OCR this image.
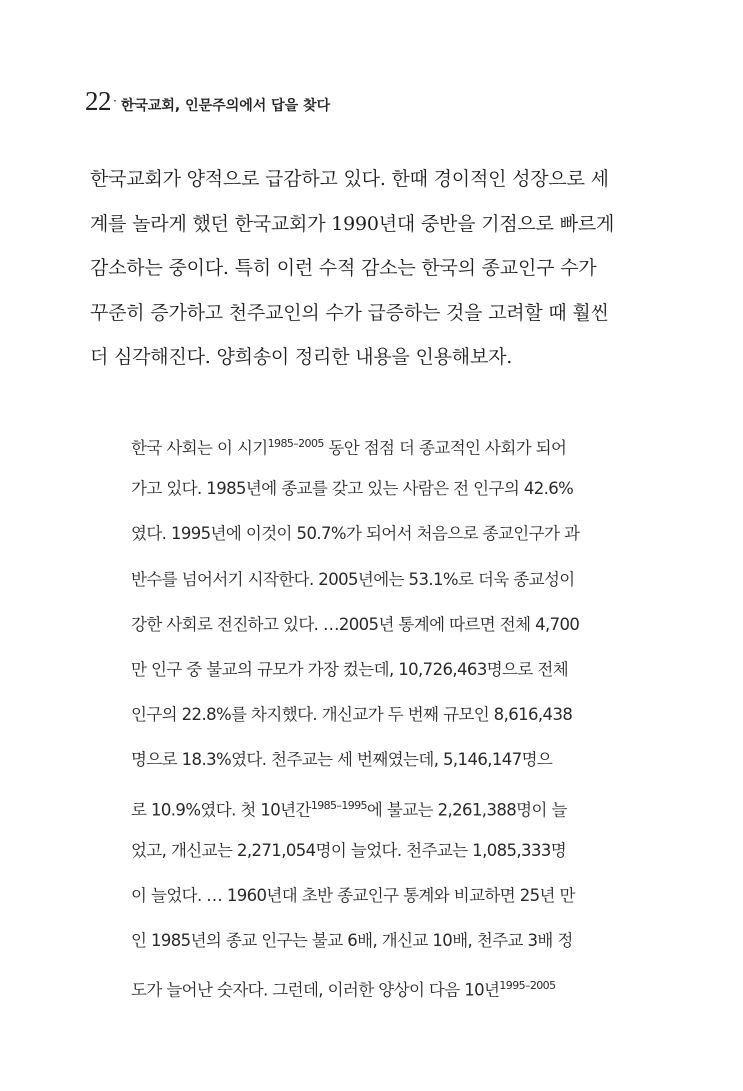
22 · 한국교회, 인문주의에서 답을 찾다
한국교회가 양적으로 급감하고 있다. 한때 경이적인 성장으로 세
계를 놀라게 했던 한국교회가 1990년대 중반을 기점으로 빠르게
감소하는 중이다. 특히 이런 수적 감소는 한국의 종교인구 수가
꾸준히 증가하고 천주교인의 수가 급증하는 것을 고려할 때 훨씬
더 심각해진다. 양희송이 정리한 내용을 인용해보자.
한국 사회는 이 시기$^{1985-2005}$ 동안 점점 더 종교적인 사회가 되어
가고 있다. 1985년에 종교를 갖고 있는 사람은 전 인구의 42.6%
였다. 1995년에 이것이 50.7%가 되어서 처음으로 종교인구가 과
반수를 넘어서기 시작한다. 2005년에는 53.1%로 더욱 종교성이
강한 사회로 전진하고 있다. …2005년 통계에 따르면 전체 4,700
만 인구 중 불교의 규모가 가장 컸는데, 10,726,463명으로 전체
인구의 22.8%를 차지했다. 개신교가 두 번째 규모인 8,616,438
명으로 18.3%였다. 천주교는 세 번째였는데, 5,146,147명으
로 10.9%였다. 첫 10년간$^{1985-1995}$에 불교는 2,261,388명이 늘
었고, 개신교는 2,271,054명이 늘었다. 천주교는 1,085,333명
이 늘었다. … 1960년대 초반 종교인구 통계와 비교하면 25년 만
인 1985년의 종교 인구는 불교 6배, 개신교 10배, 천주교 3배 정
도가 늘어난 숫자다. 그런데, 이러한 양상이 다음 10년$^{1995-2005}$
